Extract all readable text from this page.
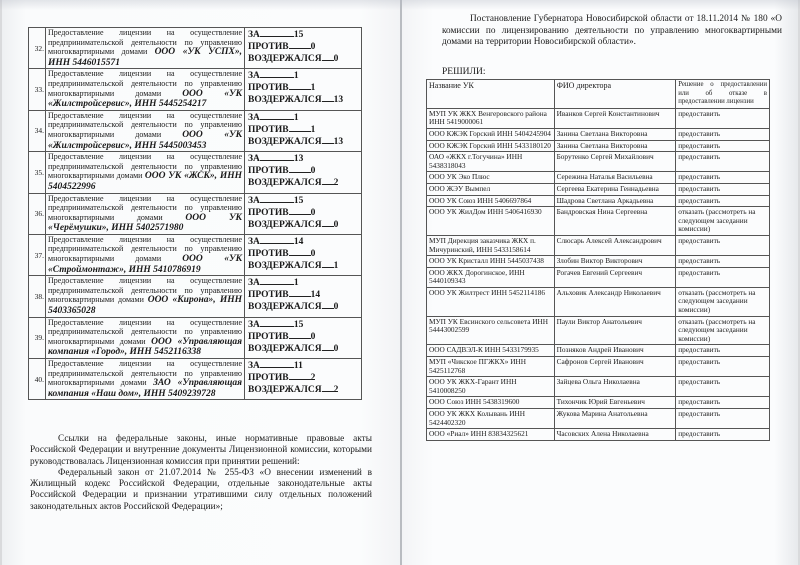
32.	Предоставление лицензии на осуществление предпринимательской деятельности по управлению многоквартирными домами ООО «УК УСПХ», ИНН 5446015571	ЗА 15
ПРОТИВ 0
ВОЗДЕРЖАЛСЯ 0

33.	Предоставление лицензии на осуществление предпринимательской деятельности по управлению многоквартирными домами ООО «УК «Жилстройсервис», ИНН 5445254217	ЗА 1
ПРОТИВ 1
ВОЗДЕРЖАЛСЯ 13

34.	Предоставление лицензии на осуществление предпринимательской деятельности по управлению многоквартирными домами ООО «УК «Жилстройсервис», ИНН 5445003453	ЗА 1
ПРОТИВ 1
ВОЗДЕРЖАЛСЯ 13

35.	Предоставление лицензии на осуществление предпринимательской деятельности по управлению многоквартирными домами ООО УК «ЖСК», ИНН 5404522996	ЗА 13
ПРОТИВ 0
ВОЗДЕРЖАЛСЯ 2

36.	Предоставление лицензии на осуществление предпринимательской деятельности по управлению многоквартирными домами ООО УК «Черёмушки», ИНН 5402571980	ЗА 15
ПРОТИВ 0
ВОЗДЕРЖАЛСЯ 0

37.	Предоставление лицензии на осуществление предпринимательской деятельности по управлению многоквартирными домами ООО «УК «Строймонтаж», ИНН 5410786919	ЗА 14
ПРОТИВ 0
ВОЗДЕРЖАЛСЯ 1

38.	Предоставление лицензии на осуществление предпринимательской деятельности по управлению многоквартирными домами ООО «Кирона», ИНН 5403365028	ЗА 1
ПРОТИВ 14
ВОЗДЕРЖАЛСЯ 0

39.	Предоставление лицензии на осуществление предпринимательской деятельности по управлению многоквартирными домами ООО «Управляющая компания «Город», ИНН 5452116338	ЗА 15
ПРОТИВ 0
ВОЗДЕРЖАЛСЯ 0

40.	Предоставление лицензии на осуществление предпринимательской деятельности по управлению многоквартирными домами ЗАО «Управляющая компания «Наш дом», ИНН 5409239728	ЗА 11
ПРОТИВ 2
ВОЗДЕРЖАЛСЯ 2

Ссылки на федеральные законы, иные нормативные правовые акты Российской Федерации и внутренние документы Лицензионной комиссии, которыми руководствовалась Лицензионная комиссия при принятии решений:

Федеральный закон от 21.07.2014 № 255-ФЗ «О внесении изменений в Жилищный кодекс Российской Федерации, отдельные законодательные акты Российской Федерации и признании утратившими силу отдельных положений законодательных актов Российской Федерации»;

Постановление Губернатора Новосибирской области от 18.11.2014 № 180 «О комиссии по лицензированию деятельности по управлению многоквартирными домами на территории Новосибирской области».

РЕШИЛИ:
Название УК	ФИО директора	Решение о предоставлении или об отказе в предоставлении лицензии
МУП УК ЖКХ Венгеровского района ИНН 5419000061	Иванков Сергей Константинович	предоставить
ООО КЖЭК Горский ИНН 5404245904	Занина Светлана Викторовна	предоставить
ООО КЖЭК Горский ИНН 5433180120	Занина Светлана Викторовна	предоставить
ОАО «ЖКХ г.Тогучина» ИНН 5438318043	Борутенко Сергей Михайлович	предоставить
ООО УК Эко Плюс	Сережина Наталья Васильевна	предоставить
ООО ЖЭУ Вымпел	Сергеева Екатерина Геннадьевна	предоставить
ООО УК Союз ИНН 5406697864	Шадрова Светлана Аркадьевна	предоставить
ООО УК ЖилДом ИНН 5406416930	Бандровская Нина Сергеевна	отказать (рассмотреть на следующем заседании комиссии)
МУП Дирекция заказчика ЖКХ п. Мичуринский, ИНН 5433158614	Слюсарь Алексей Александрович	предоставить
ООО УК Кристалл ИНН 5445037438	Злобин Виктор Викторович	предоставить
ООО ЖКХ Дорогинское, ИНН 5440109343	Рогачев Евгений Сергеевич	предоставить
ООО УК Жилтрест ИНН 5452114186	Альховик Александр Николаевич	отказать (рассмотреть на следующем заседании комиссии)
МУП УК Евсинского сельсовета ИНН 54443002599	Паули Виктор Анатольевич	отказать (рассмотреть на следующем заседании комиссии)
ООО САДВЭЛ-К ИНН 5433179935	Позняков Андрей Иванович	предоставить
МУП «Чикское ПГЖКХ» ИНН 5425112768	Сафронов Сергей Иванович	предоставить
ООО УК ЖКХ-Гарант ИНН 5410008250	Зайцева Ольга Николаевна	предоставить
ООО Союз ИНН 5438319600	Тихончик Юрий Евгеньевич	предоставить
ООО УК ЖКХ Колывань ИНН 5424402320	Жукова Марина Анатольевна	предоставить
ООО «Риал» ИНН 83834325621	Часовских Алена Николаевна	предоставить
